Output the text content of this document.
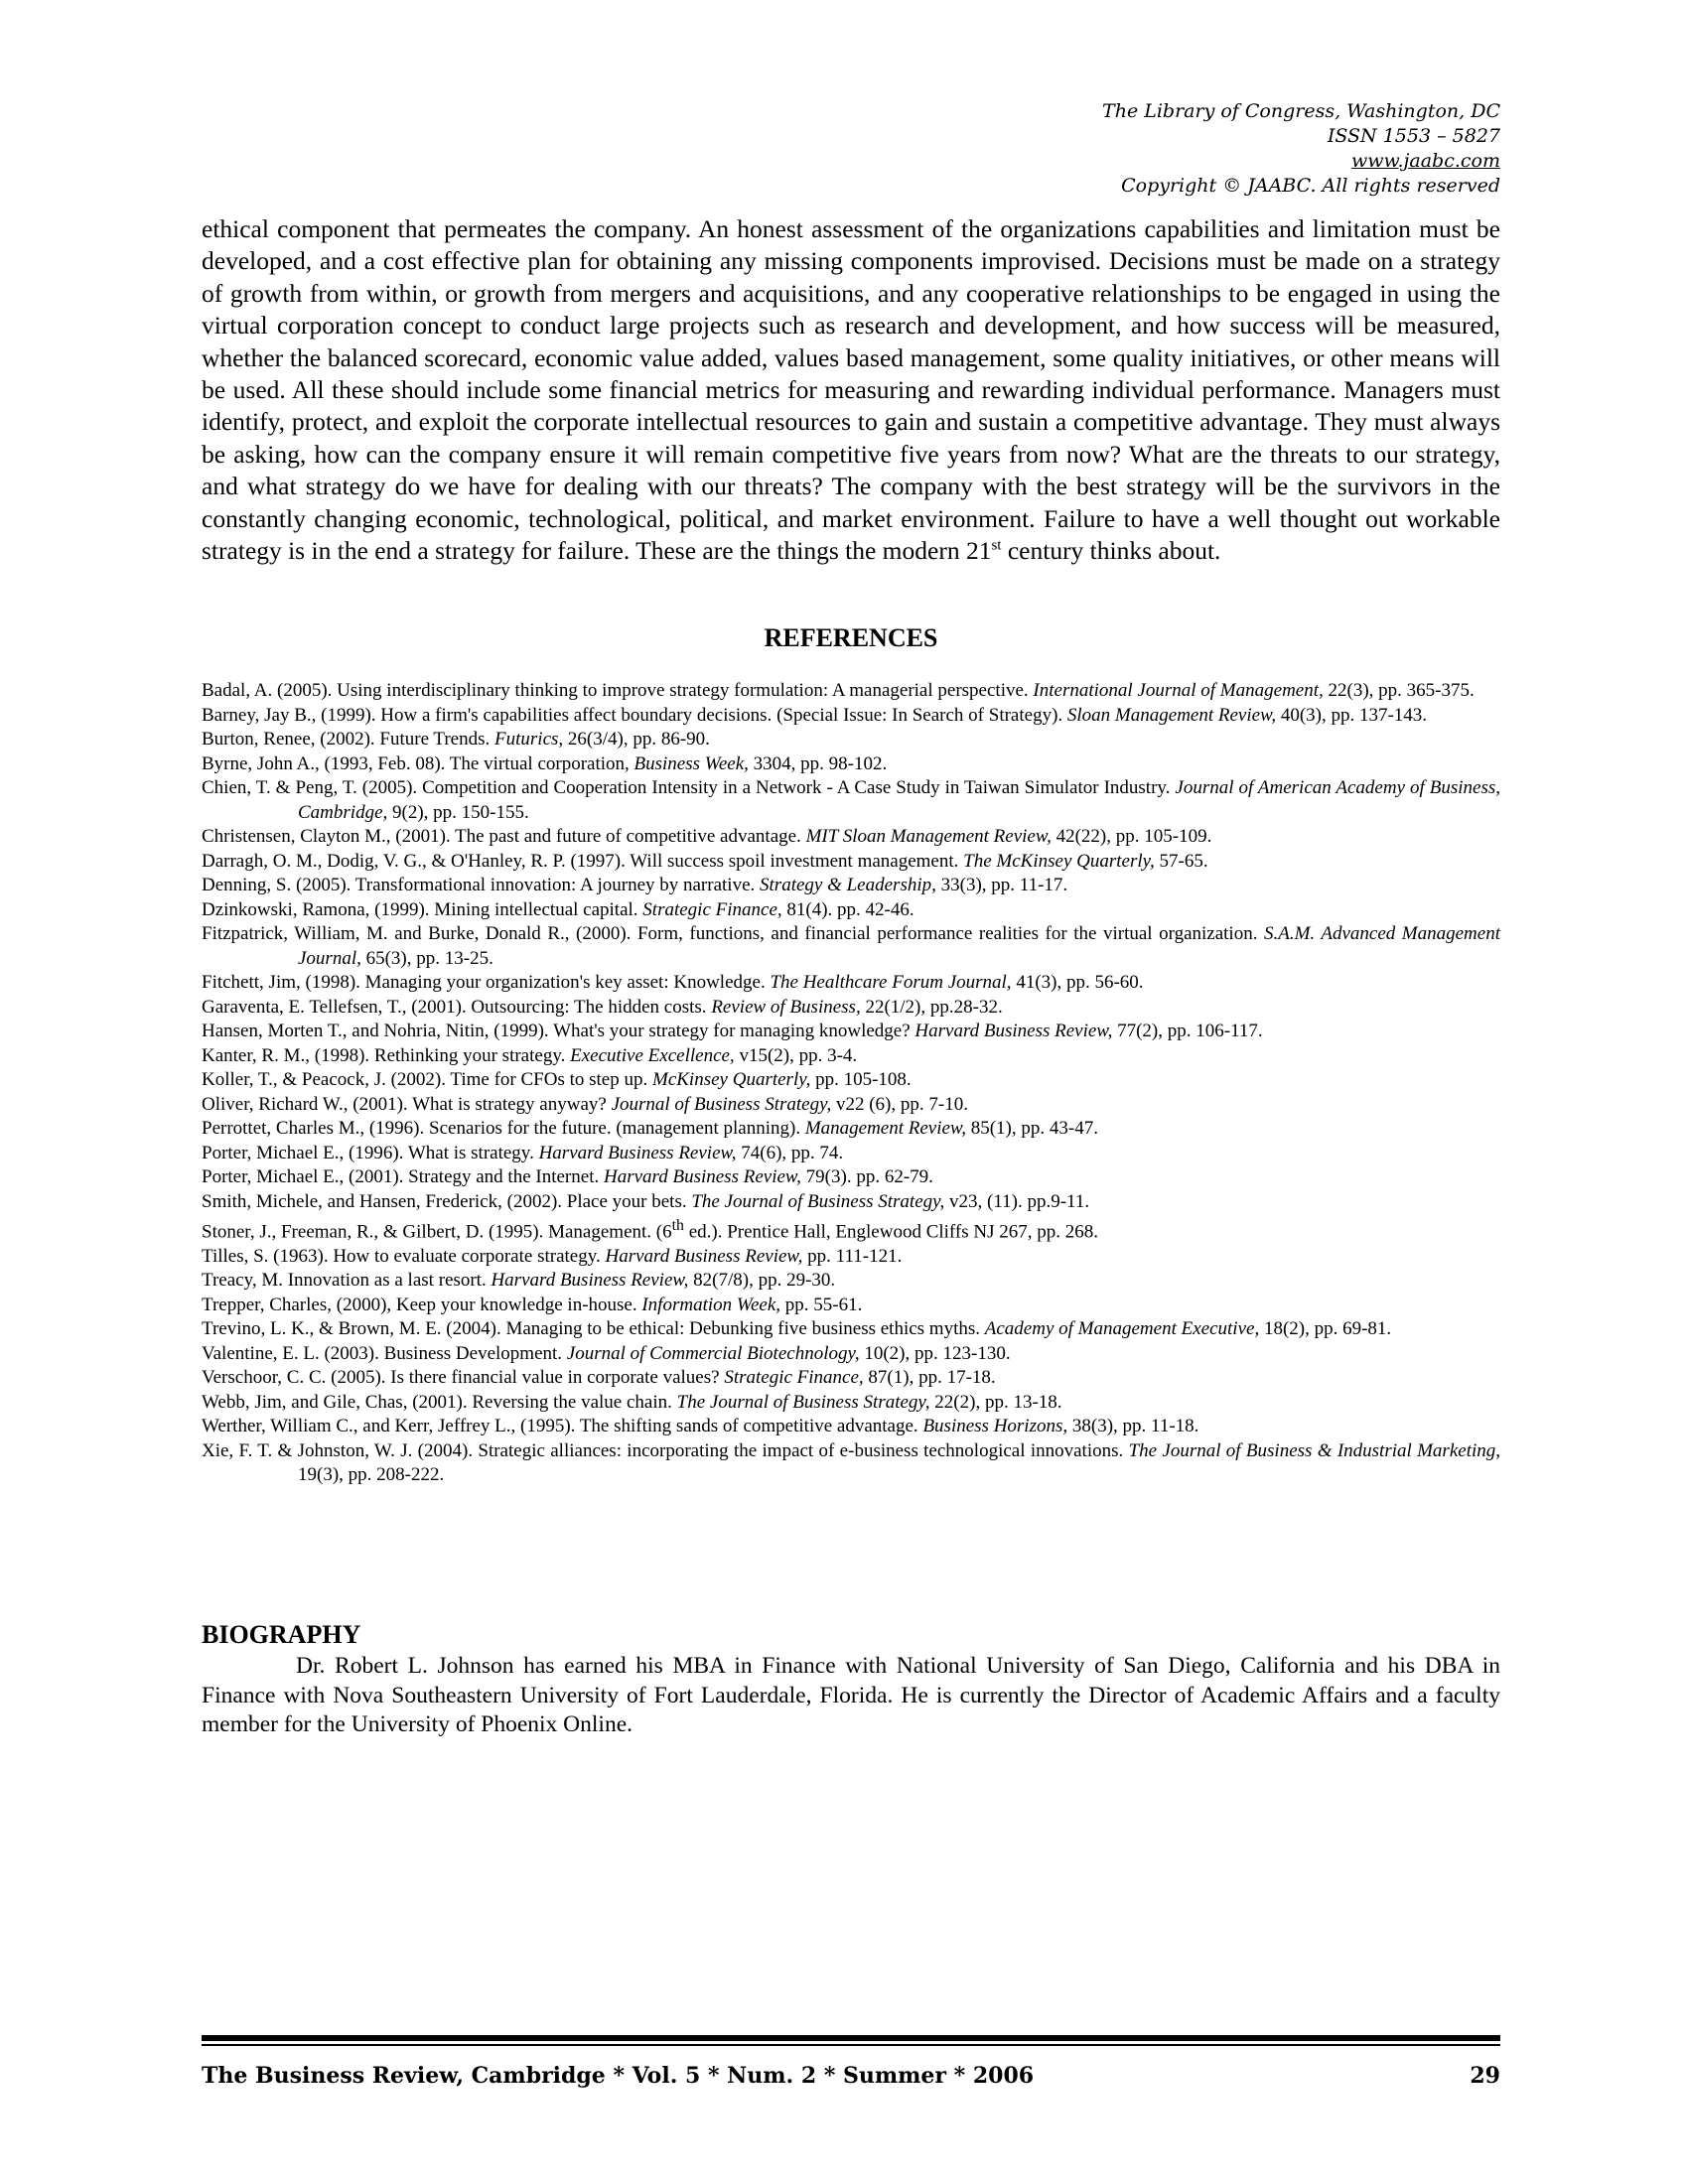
The Library of Congress, Washington, DC
ISSN 1553 – 5827
www.jaabc.com
Copyright © JAABC. All rights reserved

ethical component that permeates the company. An honest assessment of the organizations capabilities and limitation must be developed, and a cost effective plan for obtaining any missing components improvised. Decisions must be made on a strategy of growth from within, or growth from mergers and acquisitions, and any cooperative relationships to be engaged in using the virtual corporation concept to conduct large projects such as research and development, and how success will be measured, whether the balanced scorecard, economic value added, values based management, some quality initiatives, or other means will be used. All these should include some financial metrics for measuring and rewarding individual performance. Managers must identify, protect, and exploit the corporate intellectual resources to gain and sustain a competitive advantage. They must always be asking, how can the company ensure it will remain competitive five years from now? What are the threats to our strategy, and what strategy do we have for dealing with our threats? The company with the best strategy will be the survivors in the constantly changing economic, technological, political, and market environment. Failure to have a well thought out workable strategy is in the end a strategy for failure. These are the things the modern 21st century thinks about.

REFERENCES
Badal, A. (2005). Using interdisciplinary thinking to improve strategy formulation: A managerial perspective. International Journal of Management, 22(3), pp. 365-375.
Barney, Jay B., (1999). How a firm's capabilities affect boundary decisions. (Special Issue: In Search of Strategy). Sloan Management Review, 40(3), pp. 137-143.
Burton, Renee, (2002). Future Trends. Futurics, 26(3/4), pp. 86-90.
Byrne, John A., (1993, Feb. 08). The virtual corporation, Business Week, 3304, pp. 98-102.
Chien, T. & Peng, T. (2005). Competition and Cooperation Intensity in a Network - A Case Study in Taiwan Simulator Industry. Journal of American Academy of Business, Cambridge, 9(2), pp. 150-155.
Christensen, Clayton M., (2001). The past and future of competitive advantage. MIT Sloan Management Review, 42(22), pp. 105-109.
Darragh, O. M., Dodig, V. G., & O'Hanley, R. P. (1997). Will success spoil investment management. The McKinsey Quarterly, 57-65.
Denning, S. (2005). Transformational innovation: A journey by narrative. Strategy & Leadership, 33(3), pp. 11-17.
Dzinkowski, Ramona, (1999). Mining intellectual capital. Strategic Finance, 81(4). pp. 42-46.
Fitzpatrick, William, M. and Burke, Donald R., (2000). Form, functions, and financial performance realities for the virtual organization. S.A.M. Advanced Management Journal, 65(3), pp. 13-25.
Fitchett, Jim, (1998). Managing your organization's key asset: Knowledge. The Healthcare Forum Journal, 41(3), pp. 56-60.
Garaventa, E. Tellefsen, T., (2001). Outsourcing: The hidden costs. Review of Business, 22(1/2), pp.28-32.
Hansen, Morten T., and Nohria, Nitin, (1999). What's your strategy for managing knowledge? Harvard Business Review, 77(2), pp. 106-117.
Kanter, R. M., (1998). Rethinking your strategy. Executive Excellence, v15(2), pp. 3-4.
Koller, T., & Peacock, J. (2002). Time for CFOs to step up. McKinsey Quarterly, pp. 105-108.
Oliver, Richard W., (2001). What is strategy anyway? Journal of Business Strategy, v22 (6), pp. 7-10.
Perrottet, Charles M., (1996). Scenarios for the future. (management planning). Management Review, 85(1), pp. 43-47.
Porter, Michael E., (1996). What is strategy. Harvard Business Review, 74(6), pp. 74.
Porter, Michael E., (2001). Strategy and the Internet. Harvard Business Review, 79(3). pp. 62-79.
Smith, Michele, and Hansen, Frederick, (2002). Place your bets. The Journal of Business Strategy, v23, (11). pp.9-11.
Stoner, J., Freeman, R., & Gilbert, D. (1995). Management. (6th ed.). Prentice Hall, Englewood Cliffs NJ 267, pp. 268.
Tilles, S. (1963). How to evaluate corporate strategy. Harvard Business Review, pp. 111-121.
Treacy, M. Innovation as a last resort. Harvard Business Review, 82(7/8), pp. 29-30.
Trepper, Charles, (2000), Keep your knowledge in-house. Information Week, pp. 55-61.
Trevino, L. K., & Brown, M. E. (2004). Managing to be ethical: Debunking five business ethics myths. Academy of Management Executive, 18(2), pp. 69-81.
Valentine, E. L. (2003). Business Development. Journal of Commercial Biotechnology, 10(2), pp. 123-130.
Verschoor, C. C. (2005). Is there financial value in corporate values? Strategic Finance, 87(1), pp. 17-18.
Webb, Jim, and Gile, Chas, (2001). Reversing the value chain. The Journal of Business Strategy, 22(2), pp. 13-18.
Werther, William C., and Kerr, Jeffrey L., (1995). The shifting sands of competitive advantage. Business Horizons, 38(3), pp. 11-18.
Xie, F. T. & Johnston, W. J. (2004). Strategic alliances: incorporating the impact of e-business technological innovations. The Journal of Business & Industrial Marketing, 19(3), pp. 208-222.
BIOGRAPHY

Dr. Robert L. Johnson has earned his MBA in Finance with National University of San Diego, California and his DBA in Finance with Nova Southeastern University of Fort Lauderdale, Florida. He is currently the Director of Academic Affairs and a faculty member for the University of Phoenix Online.

The Business Review, Cambridge * Vol. 5 * Num. 2 * Summer * 2006	29
